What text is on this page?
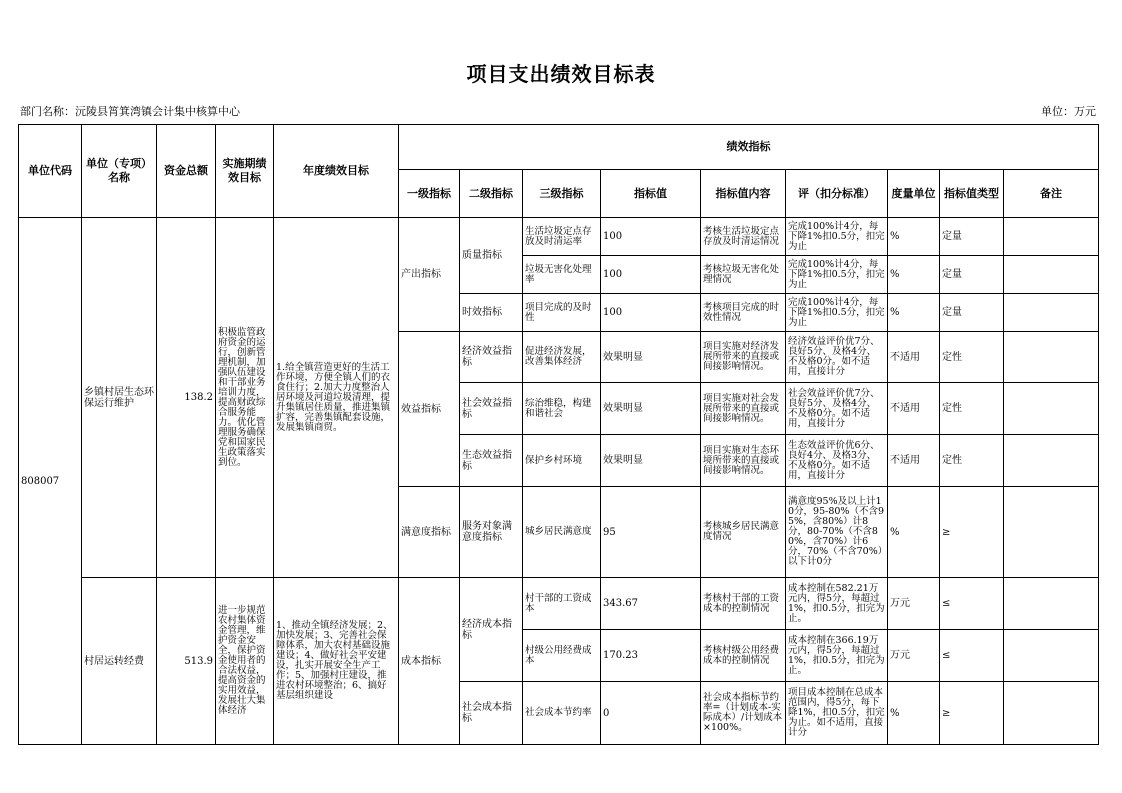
项目支出绩效目标表
部门名称：沅陵县筲箕湾镇会计集中核算中心	单位：万元
单位代码	单位（专项）名称	资金总额	实施期绩效目标	年度绩效目标	绩效指标								
					一级指标	二级指标	三级指标	指标值	指标值内容	评（扣分标准）	度量单位	指标值类型	备注
808007	乡镇村居生态环保运行维护	138.2	积极监管政府资金的运行，创新管理机制，加强队伍建设和干部业务培训力度，提高财政综合服务能力。优化管理服务确保党和国家民生政策落实到位。	1.给全镇营造更好的生活工作环境，方便全镇人们的衣食住行；2.加大力度整治人居环境及河道垃圾清理，提升集镇居住质量，推进集镇扩容，完善集镇配套设施，发展集镇商贸。	产出指标	质量指标	生活垃圾定点存放及时清运率	100	考核生活垃圾定点存放及时清运情况	完成100%计4分，每下降1%扣0.5分，扣完为止	%	定量	
							垃圾无害化处理率	100	考核垃圾无害化处理情况	完成100%计4分，每下降1%扣0.5分，扣完为止	%	定量	
						时效指标	项目完成的及时性	100	考核项目完成的时效性情况	完成100%计4分，每下降1%扣0.5分，扣完为止	%	定量	
					效益指标	经济效益指标	促进经济发展，改善集体经济	效果明显	项目实施对经济发展所带来的直接或间接影响情况。	经济效益评价优7分、良好5分、及格4分、不及格0分。如不适用，直接计分	不适用	定性	
						社会效益指标	综治维稳，构建和谐社会	效果明显	项目实施对社会发展所带来的直接或间接影响情况。	社会效益评价优7分、良好5分、及格4分、不及格0分。如不适用，直接计分	不适用	定性	
						生态效益指标	保护乡村环境	效果明显	项目实施对生态环境所带来的直接或间接影响情况。	生态效益评价优6分、良好4分、及格3分、不及格0分。如不适用，直接计分	不适用	定性	
					满意度指标	服务对象满意度指标	城乡居民满意度	95	考核城乡居民满意度情况	满意度95%及以上计10分，95-80%（不含95%，含80%）计8分，80-70%（不含80%，含70%）计6分，70%（不含70%）以下计0分	%	≥	
	村居运转经费	513.9	进一步规范农村集体资金管理，维护资金安全，保护资金使用者的合法权益，提高资金的实用效益，发展壮大集体经济	1、推动全镇经济发展；2、加快发展；3、完善社会保障体系，加大农村基础设施建设；4、做好社会平安建设，扎实开展安全生产工作；5、加强村庄建设，推进农村环境整治；6、搞好基层组织建设	成本指标	经济成本指标	村干部的工资成本	343.67	考核村干部的工资成本的控制情况	成本控制在582.21万元内，得5分，每超过1%，扣0.5分，扣完为止。	万元	≤	
							村级公用经费成本	170.23	考核村级公用经费成本的控制情况	成本控制在366.19万元内，得5分，每超过1%，扣0.5分，扣完为止。	万元	≤	
						社会成本指标	社会成本节约率	0	社会成本指标节约率=（计划成本-实际成本）/计划成本×100%。	项目成本控制在总成本范围内，得5分，每下降1%，扣0.5分，扣完为止。如不适用，直接计分	%	≥	
